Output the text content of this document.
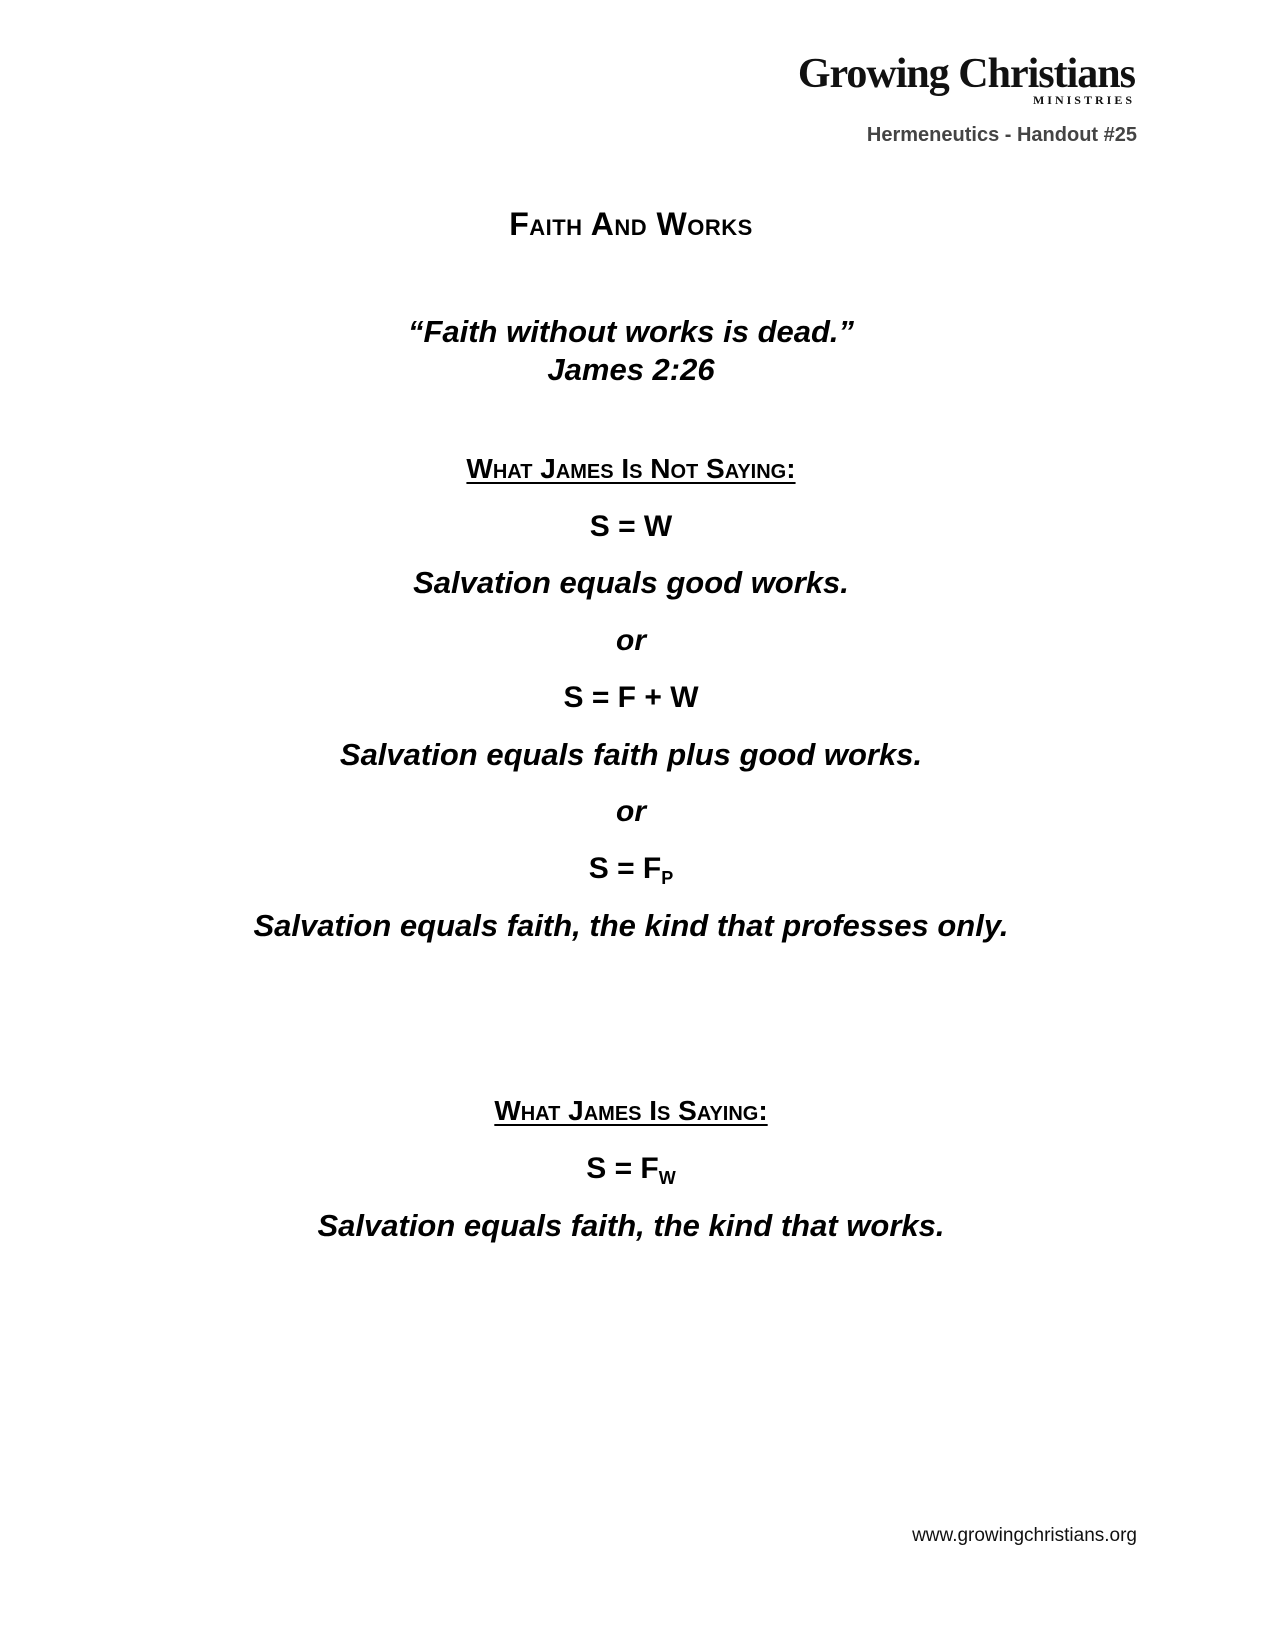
Growing Christians
MINISTRIES
Hermeneutics - Handout #25
Faith And Works
“Faith without works is dead.”
James 2:26
What James Is Not Saying:
S = W
Salvation equals good works.
or
S = F + W
Salvation equals faith plus good works.
or
$S = F_P$
Salvation equals faith, the kind that professes only.
What James Is Saying:
$S = F_W$
Salvation equals faith, the kind that works.
www.growingchristians.org
